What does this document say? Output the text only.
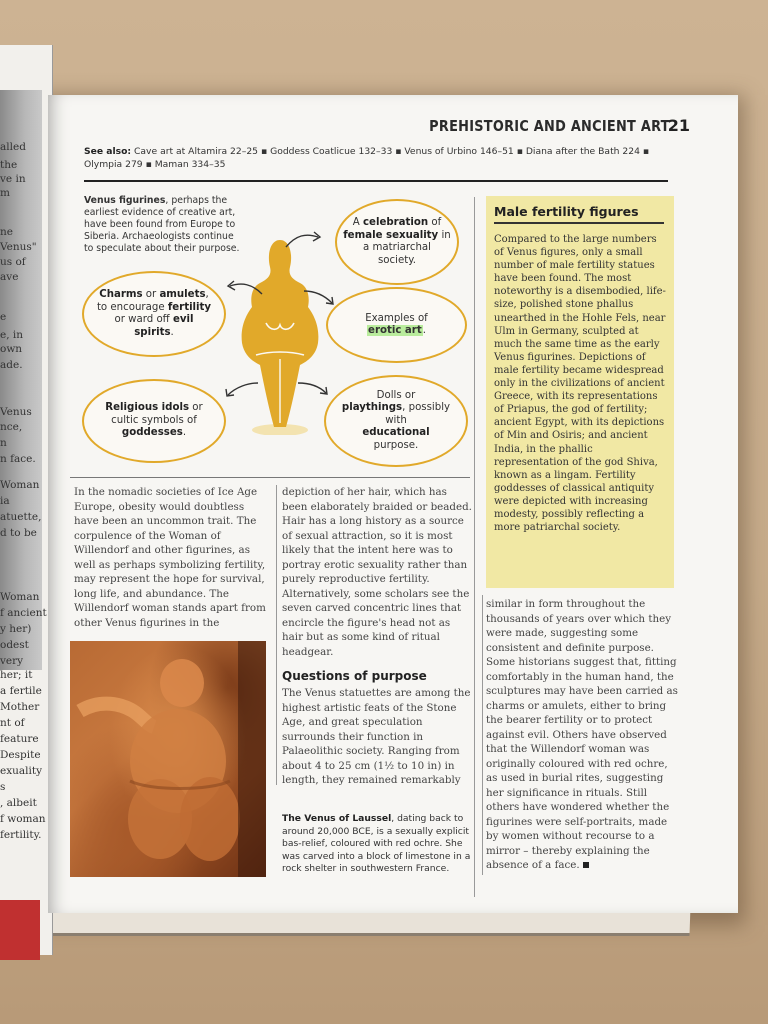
alled
the
ve in
m
ne
Venus"
us of
ave
e
e, in
own
ade.
Venus
nce,
n
n face.
Woman
ia
atuette,
d to be
Woman
f ancient
y her)
odest
very
her; it
a fertile
Mother
nt of
feature
Despite
exuality
s
, albeit
f woman
fertility.
PREHISTORIC AND ANCIENT ART
21
See also: Cave art at Altamira 22–25 ▪ Goddess Coatlicue 132–33 ▪ Venus of Urbino 146–51 ▪ Diana after the Bath 224 ▪ Olympia 279 ▪ Maman 334–35
Venus figurines, perhaps the earliest evidence of creative art, have been found from Europe to Siberia. Archaeologists continue to speculate about their purpose.
A celebration of female sexuality in a matriarchal society.
Charms or amulets, to encourage fertility or ward off evil spirits.
Examples of
erotic art.
Religious idols or cultic symbols of goddesses.
Dolls or
playthings, possibly with
educational
purpose.
Male fertility figures

Compared to the large numbers of Venus figures, only a small number of male fertility statues have been found. The most noteworthy is a disembodied, life-size, polished stone phallus unearthed in the Hohle Fels, near Ulm in Germany, sculpted at much the same time as the early Venus figurines. Depictions of male fertility became widespread only in the civilizations of ancient Greece, with its representations of Priapus, the god of fertility; ancient Egypt, with its depictions of Min and Osiris; and ancient India, in the phallic representation of the god Shiva, known as a lingam. Fertility goddesses of classical antiquity were depicted with increasing modesty, possibly reflecting a more patriarchal society.

In the nomadic societies of Ice Age Europe, obesity would doubtless have been an uncommon trait. The corpulence of the Woman of Willendorf and other figurines, as well as perhaps symbolizing fertility, may represent the hope for survival, long life, and abundance. The Willendorf woman stands apart from other Venus figurines in the

depiction of her hair, which has been elaborately braided or beaded. Hair has a long history as a source of sexual attraction, so it is most likely that the intent here was to portray erotic sexuality rather than purely reproductive fertility. Alternatively, some scholars see the seven carved concentric lines that encircle the figure's head not as hair but as some kind of ritual headgear.

Questions of purpose

The Venus statuettes are among the highest artistic feats of the Stone Age, and great speculation surrounds their function in Palaeolithic society. Ranging from about 4 to 25 cm (1½ to 10 in) in length, they remained remarkably

similar in form throughout the thousands of years over which they were made, suggesting some consistent and definite purpose. Some historians suggest that, fitting comfortably in the human hand, the sculptures may have been carried as charms or amulets, either to bring the bearer fertility or to protect against evil. Others have observed that the Willendorf woman was originally coloured with red ochre, as used in burial rites, suggesting her significance in rituals. Still others have wondered whether the figurines were self-portraits, made by women without recourse to a mirror – thereby explaining the absence of a face.

The Venus of Laussel, dating back to around 20,000 BCE, is a sexually explicit bas-relief, coloured with red ochre. She was carved into a block of limestone in a rock shelter in southwestern France.
